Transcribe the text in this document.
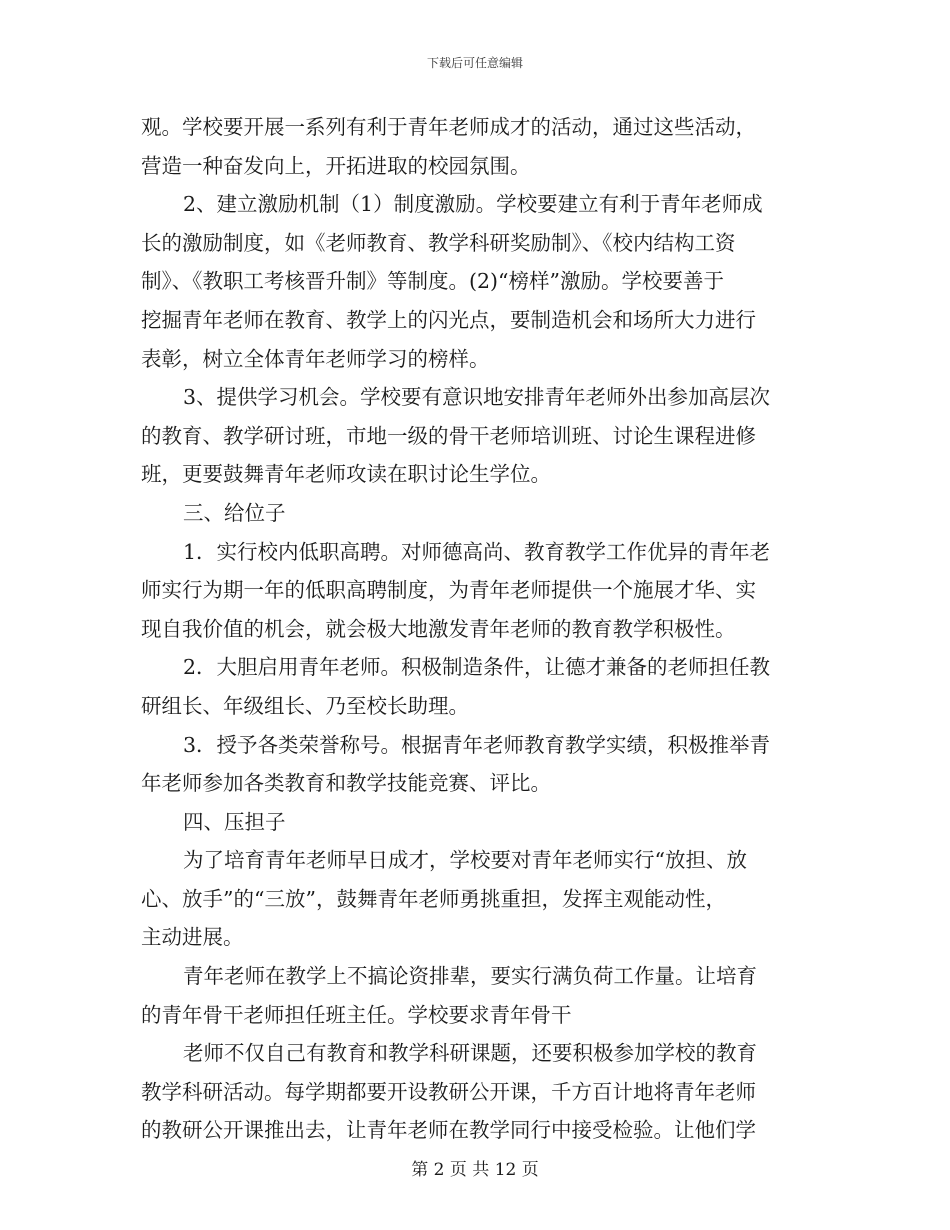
下载后可任意编辑
观。学校要开展一系列有利于青年老师成才的活动，通过这些活动，
营造一种奋发向上，开拓进取的校园氛围。
2、建立激励机制（1）制度激励。学校要建立有利于青年老师成
长的激励制度，如《老师教育、教学科研奖励制》、《校内结构工资
制》、《教职工考核晋升制》等制度。(2)“榜样”激励。学校要善于
挖掘青年老师在教育、教学上的闪光点，要制造机会和场所大力进行
表彰，树立全体青年老师学习的榜样。
3、提供学习机会。学校要有意识地安排青年老师外出参加高层次
的教育、教学研讨班，市地一级的骨干老师培训班、讨论生课程进修
班，更要鼓舞青年老师攻读在职讨论生学位。
三、给位子
1．实行校内低职高聘。对师德高尚、教育教学工作优异的青年老
师实行为期一年的低职高聘制度，为青年老师提供一个施展才华、实
现自我价值的机会，就会极大地激发青年老师的教育教学积极性。
2．大胆启用青年老师。积极制造条件，让德才兼备的老师担任教
研组长、年级组长、乃至校长助理。
3．授予各类荣誉称号。根据青年老师教育教学实绩，积极推举青
年老师参加各类教育和教学技能竞赛、评比。
四、压担子
为了培育青年老师早日成才，学校要对青年老师实行“放担、放
心、放手”的“三放”，鼓舞青年老师勇挑重担，发挥主观能动性，
主动进展。
青年老师在教学上不搞论资排辈，要实行满负荷工作量。让培育
的青年骨干老师担任班主任。学校要求青年骨干
老师不仅自己有教育和教学科研课题，还要积极参加学校的教育
教学科研活动。每学期都要开设教研公开课，千方百计地将青年老师
的教研公开课推出去，让青年老师在教学同行中接受检验。让他们学
第 2 页 共 12 页
